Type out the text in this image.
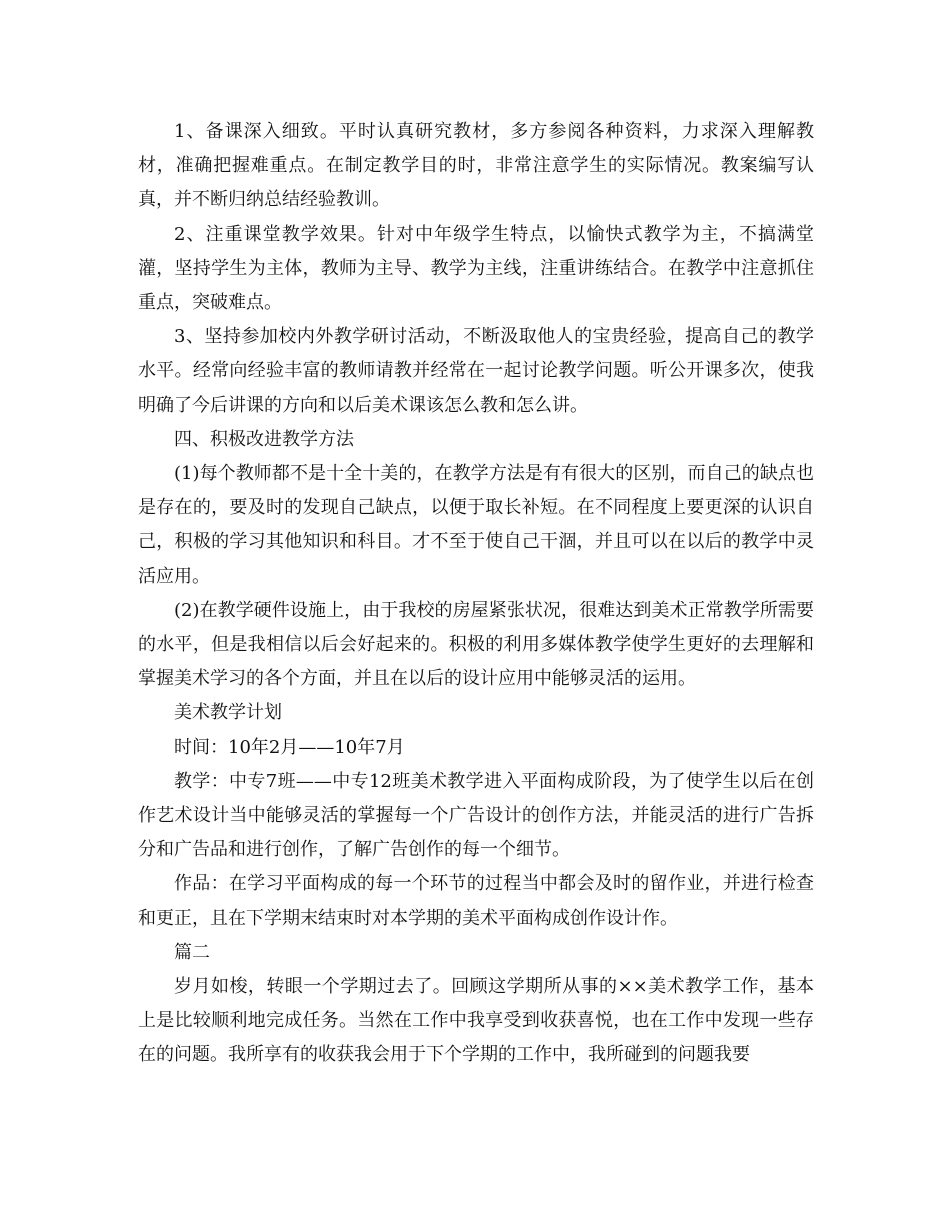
1、备课深入细致。平时认真研究教材，多方参阅各种资料，力求深入理解教材，准确把握难重点。在制定教学目的时，非常注意学生的实际情况。教案编写认真，并不断归纳总结经验教训。

2、注重课堂教学效果。针对中年级学生特点，以愉快式教学为主，不搞满堂灌，坚持学生为主体，教师为主导、教学为主线，注重讲练结合。在教学中注意抓住重点，突破难点。

3、坚持参加校内外教学研讨活动，不断汲取他人的宝贵经验，提高自己的教学水平。经常向经验丰富的教师请教并经常在一起讨论教学问题。听公开课多次，使我明确了今后讲课的方向和以后美术课该怎么教和怎么讲。

四、积极改进教学方法

(1)每个教师都不是十全十美的，在教学方法是有有很大的区别，而自己的缺点也是存在的，要及时的发现自己缺点，以便于取长补短。在不同程度上要更深的认识自己，积极的学习其他知识和科目。才不至于使自己干涸，并且可以在以后的教学中灵活应用。

(2)在教学硬件设施上，由于我校的房屋紧张状况，很难达到美术正常教学所需要的水平，但是我相信以后会好起来的。积极的利用多媒体教学使学生更好的去理解和掌握美术学习的各个方面，并且在以后的设计应用中能够灵活的运用。

美术教学计划

时间：10年2月——10年7月

教学：中专7班——中专12班美术教学进入平面构成阶段，为了使学生以后在创作艺术设计当中能够灵活的掌握每一个广告设计的创作方法，并能灵活的进行广告拆分和广告品和进行创作，了解广告创作的每一个细节。

作品：在学习平面构成的每一个环节的过程当中都会及时的留作业，并进行检查和更正，且在下学期末结束时对本学期的美术平面构成创作设计作。

篇二

岁月如梭，转眼一个学期过去了。回顾这学期所从事的××美术教学工作，基本上是比较顺利地完成任务。当然在工作中我享受到收获喜悦，也在工作中发现一些存在的问题。我所享有的收获我会用于下个学期的工作中，我所碰到的问题我要
